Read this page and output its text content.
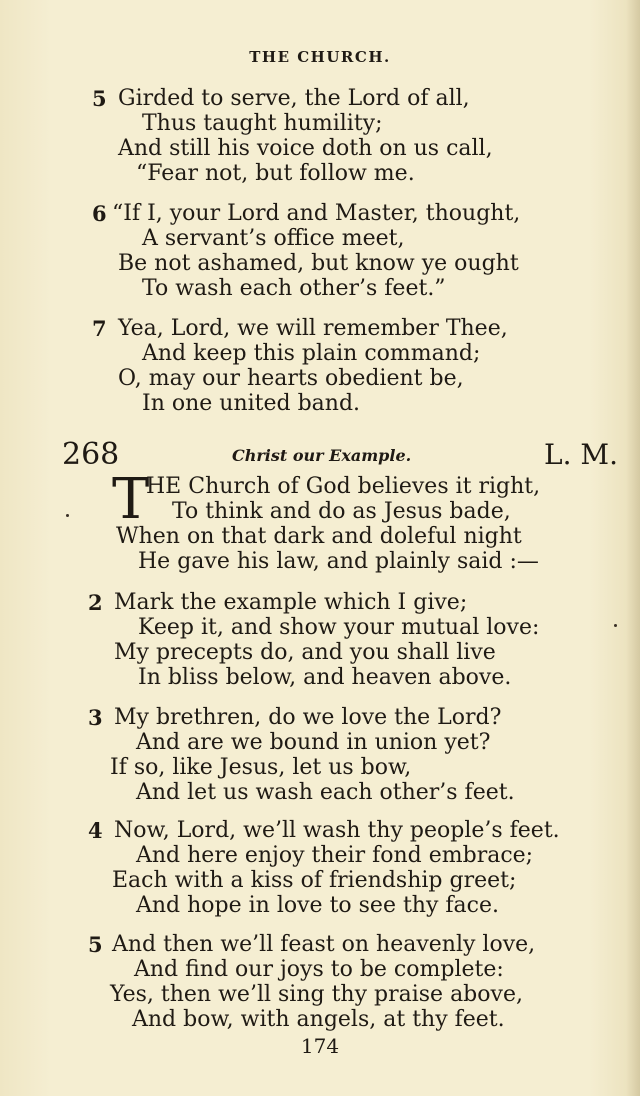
THE CHURCH.
5 Girded to serve, the Lord of all,
Thus taught humility;
And still his voice doth on us call,
“Fear not, but follow me.
6 “If I, your Lord and Master, thought,
A servant’s office meet,
Be not ashamed, but know ye ought
To wash each other’s feet.”
7 Yea, Lord, we will remember Thee,
And keep this plain command;
O, may our hearts obedient be,
In one united band.
268	Christ our Example.	L. M.
T
HE Church of God believes it right,
To think and do as Jesus bade,
When on that dark and doleful night
He gave his law, and plainly said :—
2 Mark the example which I give;
Keep it, and show your mutual love:
My precepts do, and you shall live
In bliss below, and heaven above.
3 My brethren, do we love the Lord?
And are we bound in union yet?
If so, like Jesus, let us bow,
And let us wash each other’s feet.
4 Now, Lord, we’ll wash thy people’s feet.
And here enjoy their fond embrace;
Each with a kiss of friendship greet;
And hope in love to see thy face.
5 And then we’ll feast on heavenly love,
And find our joys to be complete:
Yes, then we’ll sing thy praise above,
And bow, with angels, at thy feet.
174
